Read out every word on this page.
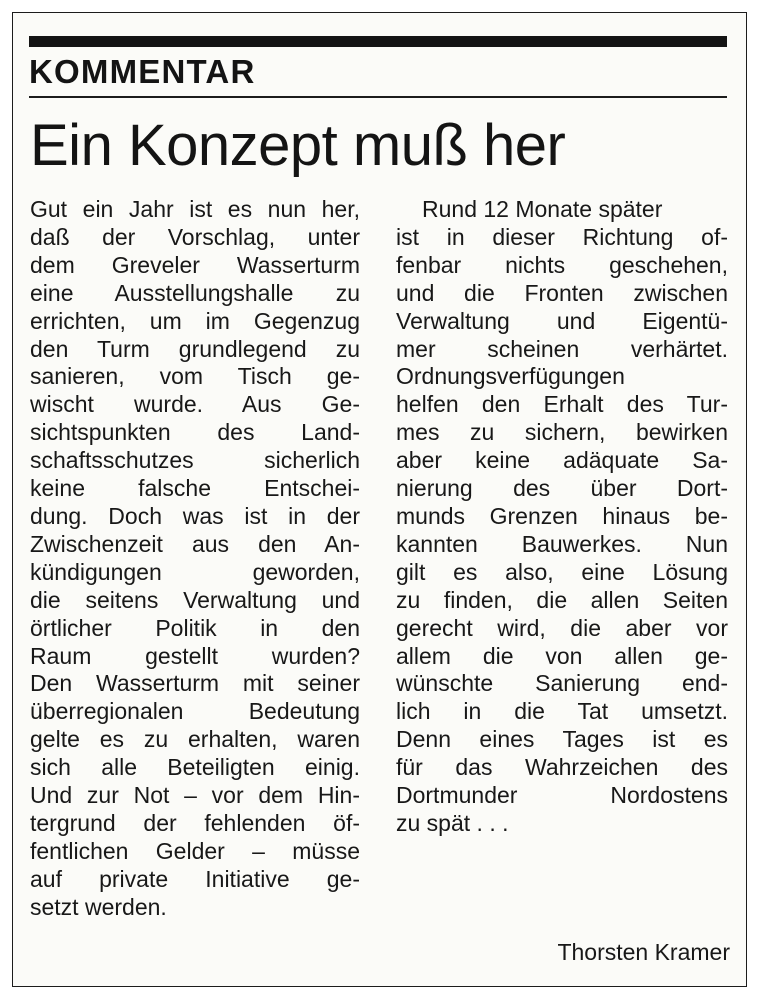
KOMMENTAR
Ein Konzept muß her
Gut ein Jahr ist es nun her,
daß der Vorschlag, unter
dem Greveler Wasserturm
eine Ausstellungshalle zu
errichten, um im Gegenzug
den Turm grundlegend zu
sanieren, vom Tisch ge-
wischt wurde. Aus Ge-
sichtspunkten des Land-
schaftsschutzes sicherlich
keine falsche Entschei-
dung. Doch was ist in der
Zwischenzeit aus den An-
kündigungen geworden,
die seitens Verwaltung und
örtlicher Politik in den
Raum gestellt wurden?
Den Wasserturm mit seiner
überregionalen Bedeutung
gelte es zu erhalten, waren
sich alle Beteiligten einig.
Und zur Not – vor dem Hin-
tergrund der fehlenden öf-
fentlichen Gelder – müsse
auf private Initiative ge-
setzt werden.
Rund 12 Monate später
ist in dieser Richtung of-
fenbar nichts geschehen,
und die Fronten zwischen
Verwaltung und Eigentü-
mer scheinen verhärtet.
Ordnungsverfügungen
helfen den Erhalt des Tur-
mes zu sichern, bewirken
aber keine adäquate Sa-
nierung des über Dort-
munds Grenzen hinaus be-
kannten Bauwerkes. Nun
gilt es also, eine Lösung
zu finden, die allen Seiten
gerecht wird, die aber vor
allem die von allen ge-
wünschte Sanierung end-
lich in die Tat umsetzt.
Denn eines Tages ist es
für das Wahrzeichen des
Dortmunder Nordostens
zu spät . . .
Thorsten Kramer
